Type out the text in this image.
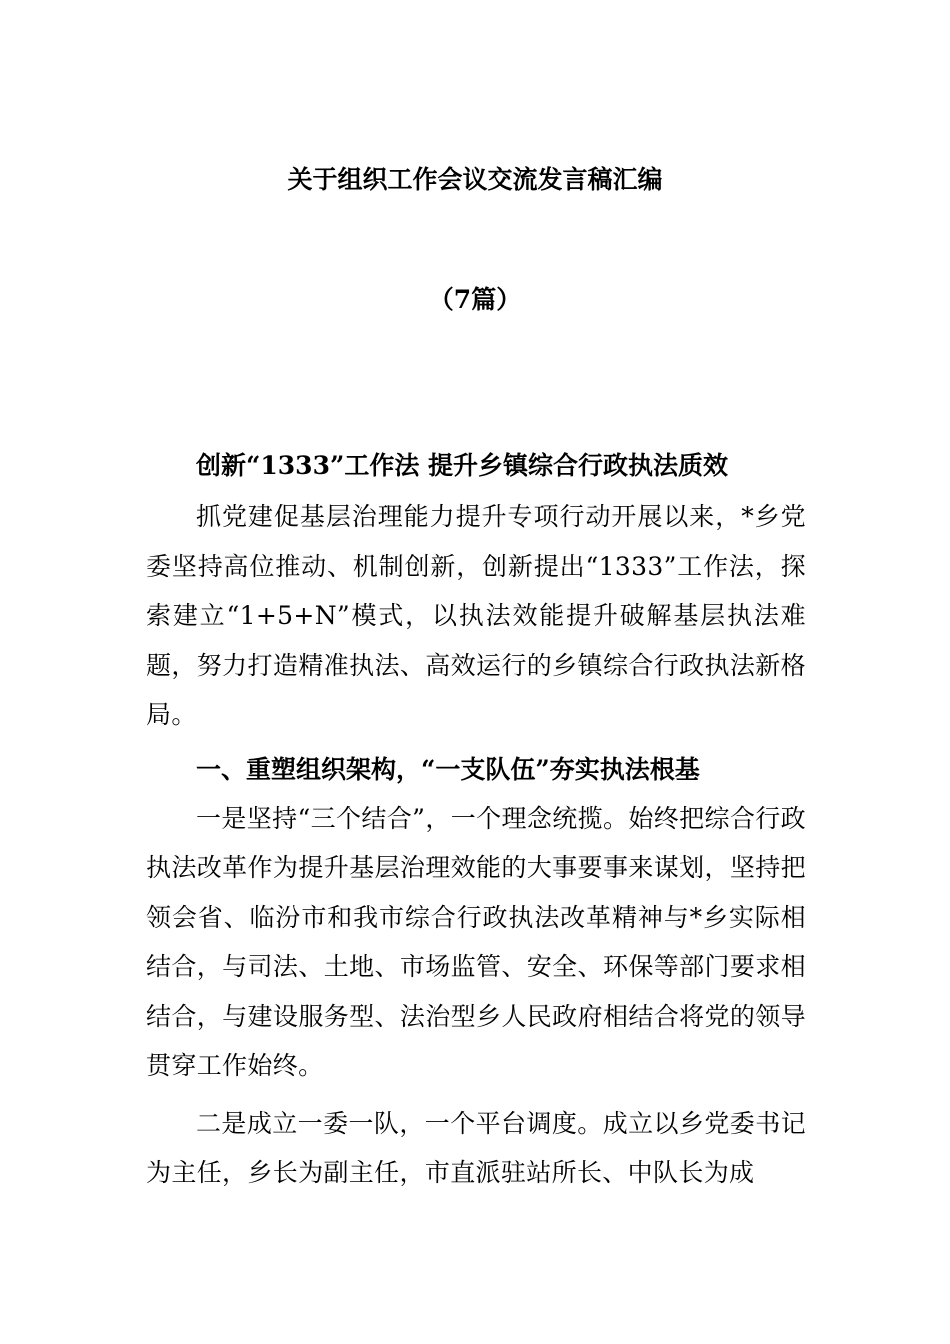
关于组织工作会议交流发言稿汇编
（7篇）

创新“1333”工作法 提升乡镇综合行政执法质效

抓党建促基层治理能力提升专项行动开展以来，*乡党委坚持高位推动、机制创新，创新提出“1333”工作法，探索建立“1+5+N”模式，以执法效能提升破解基层执法难题，努力打造精准执法、高效运行的乡镇综合行政执法新格局。

一、重塑组织架构，“一支队伍”夯实执法根基

一是坚持“三个结合”，一个理念统揽。始终把综合行政执法改革作为提升基层治理效能的大事要事来谋划，坚持把领会省、临汾市和我市综合行政执法改革精神与*乡实际相结合，与司法、土地、市场监管、安全、环保等部门要求相结合，与建设服务型、法治型乡人民政府相结合将党的领导贯穿工作始终。

二是成立一委一队，一个平台调度。成立以乡党委书记为主任，乡长为副主任，市直派驻站所长、中队长为成
